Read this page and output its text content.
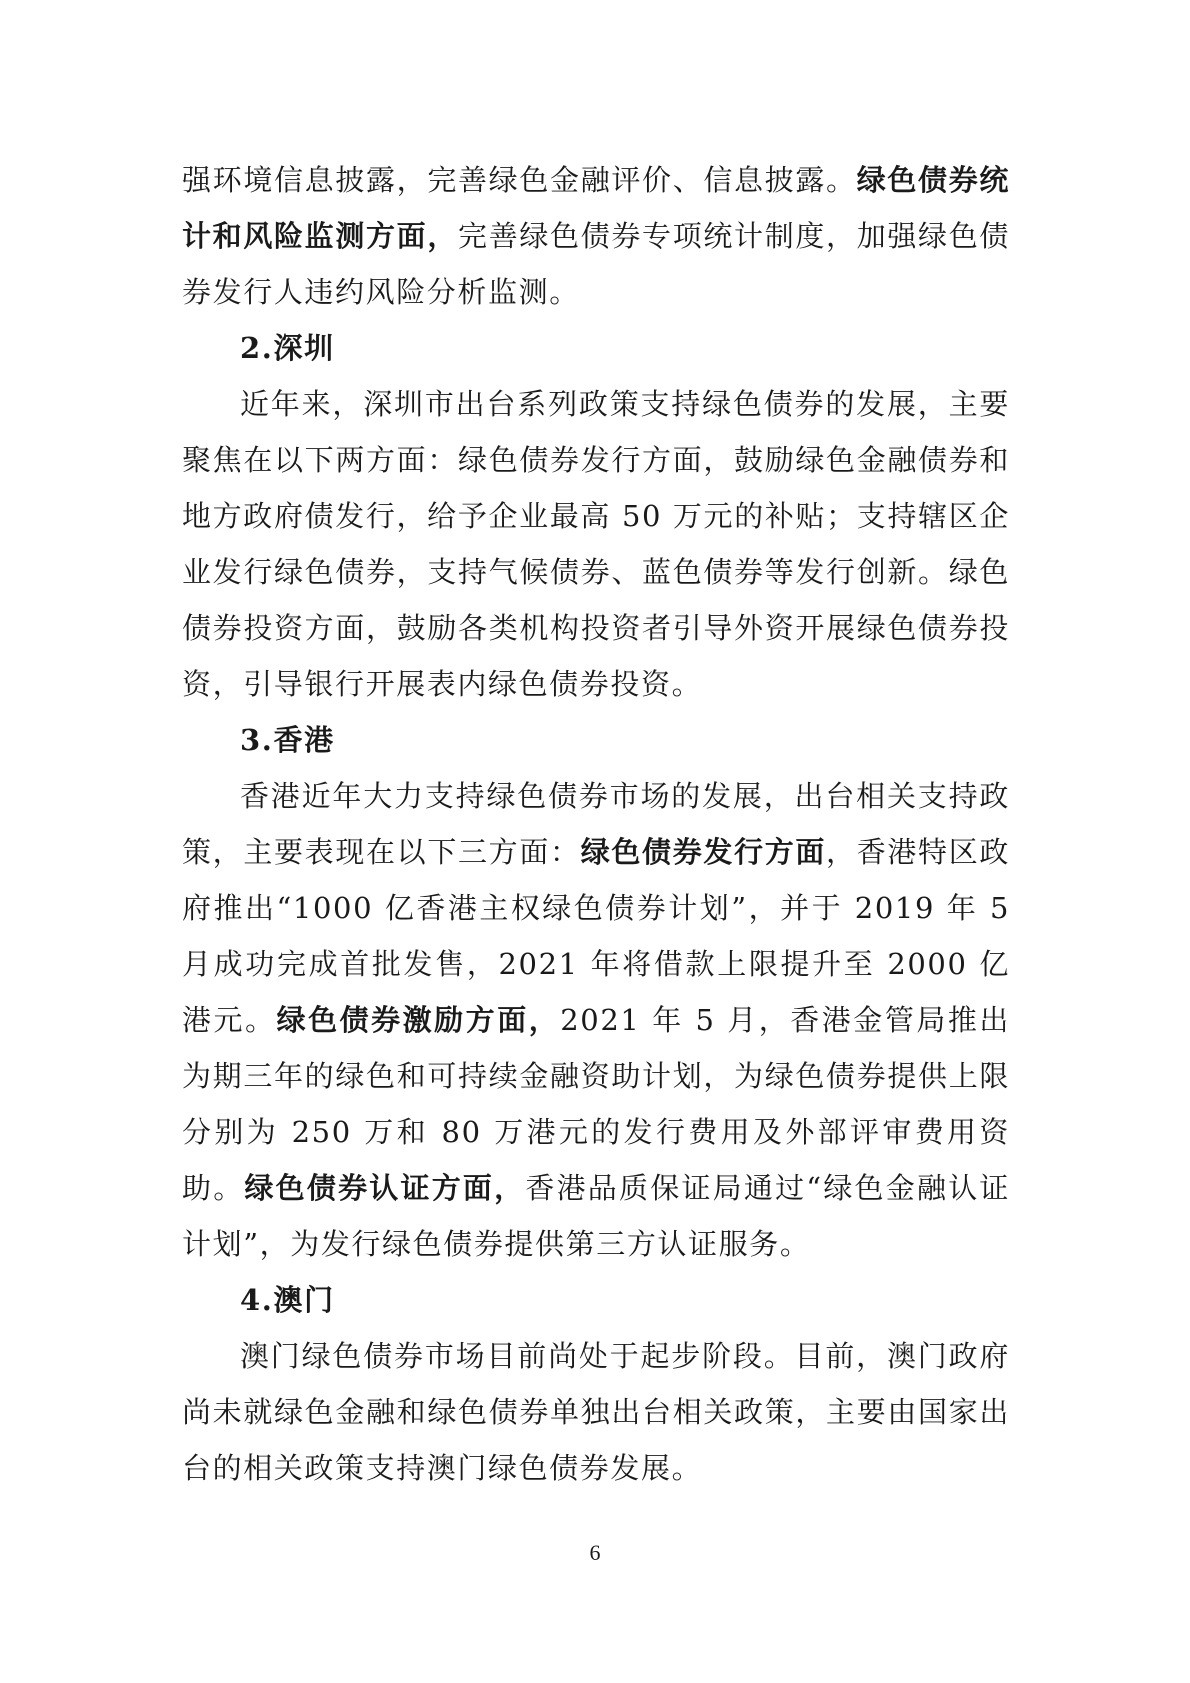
强环境信息披露，完善绿色金融评价、信息披露。绿色债券统计和风险监测方面，完善绿色债券专项统计制度，加强绿色债券发行人违约风险分析监测。

2.深圳

近年来，深圳市出台系列政策支持绿色债券的发展，主要聚焦在以下两方面：绿色债券发行方面，鼓励绿色金融债券和地方政府债发行，给予企业最高 50 万元的补贴；支持辖区企业发行绿色债券，支持气候债券、蓝色债券等发行创新。绿色债券投资方面，鼓励各类机构投资者引导外资开展绿色债券投资，引导银行开展表内绿色债券投资。

3.香港

香港近年大力支持绿色债券市场的发展，出台相关支持政策，主要表现在以下三方面：绿色债券发行方面，香港特区政府推出“1000 亿香港主权绿色债券计划”，并于 2019 年 5 月成功完成首批发售，2021 年将借款上限提升至 2000 亿港元。绿色债券激励方面，2021 年 5 月，香港金管局推出为期三年的绿色和可持续金融资助计划，为绿色债券提供上限分别为 250 万和 80 万港元的发行费用及外部评审费用资助。绿色债券认证方面，香港品质保证局通过“绿色金融认证计划”，为发行绿色债券提供第三方认证服务。

4.澳门

澳门绿色债券市场目前尚处于起步阶段。目前，澳门政府尚未就绿色金融和绿色债券单独出台相关政策，主要由国家出台的相关政策支持澳门绿色债券发展。

6
